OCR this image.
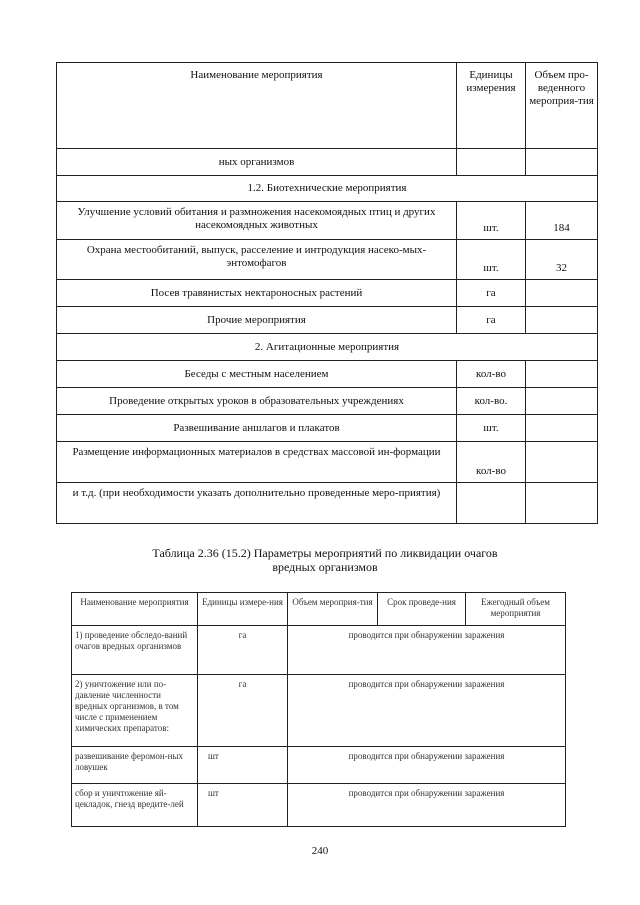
Наименование мероприятия	Единицы измерения	Объем про-веденного мероприя-тия
ных организмов		
1.2. Биотехнические мероприятия		
Улучшение условий обитания и размножения насекомоядных птиц и других насекомоядных животных	шт.	184
Охрана местообитаний, выпуск, расселение и интродукция насеко-мых-энтомофагов	шт.	32
Посев травянистых нектароносных растений	га	
Прочие мероприятия	га	
2. Агитационные мероприятия		
Беседы с местным населением	кол-во	
Проведение открытых уроков в образовательных учреждениях	кол-во.	
Развешивание аншлагов и плакатов	шт.	
Размещение информационных материалов в средствах массовой ин-формации	кол-во	
и т.д. (при необходимости указать дополнительно проведенные меро-приятия)		
Таблица 2.36 (15.2) Параметры мероприятий по ликвидации очагов вредных организмов
Наименование мероприятия	Единицы измере-ния	Объем мероприя-тия	Срок проведе-ния	Ежегодный объем мероприятия
1) проведение обследо-ваний очагов вредных организмов	га	проводится при обнаружении заражения		
2) уничтожение или по-давление численности вредных организмов, в том числе с применением химических препаратов:	га	проводится при обнаружении заражения		
развешивание феромон-ных ловушек	шт	проводится при обнаружении заражения		
сбор и уничтожение яй-цекладок, гнезд вредите-лей	шт	проводится при обнаружении заражения		
240
